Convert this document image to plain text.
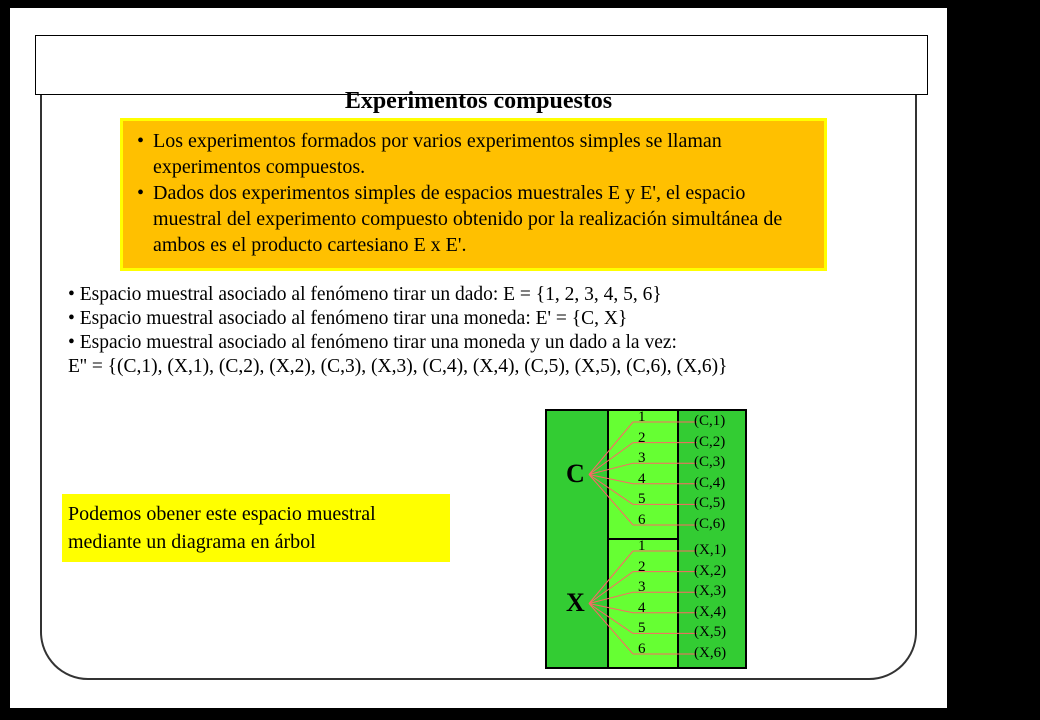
Experimentos compuestos
• Los experimentos formados por varios experimentos simples se llaman experimentos compuestos.
• Dados dos experimentos simples de espacios muestrales E y E', el espacio muestral del experimento compuesto obtenido por la realización simultánea de ambos es el producto cartesiano E x E'.
• Espacio muestral asociado al fenómeno tirar un dado: E = {1, 2, 3, 4, 5, 6}
• Espacio muestral asociado al fenómeno tirar una moneda: E' = {C, X}
• Espacio muestral asociado al fenómeno tirar una moneda y un dado a la vez:
E'' = {(C,1), (X,1), (C,2), (X,2), (C,3), (X,3), (C,4), (X,4), (C,5), (X,5), (C,6), (X,6)}
Podemos obener este espacio muestral mediante un diagrama en árbol
C
1	(C,1)
2	(C,2)
3	(C,3)
4	(C,4)
5	(C,5)
6	(C,6)
X
1	(X,1)
2	(X,2)
3	(X,3)
4	(X,4)
5	(X,5)
6	(X,6)
